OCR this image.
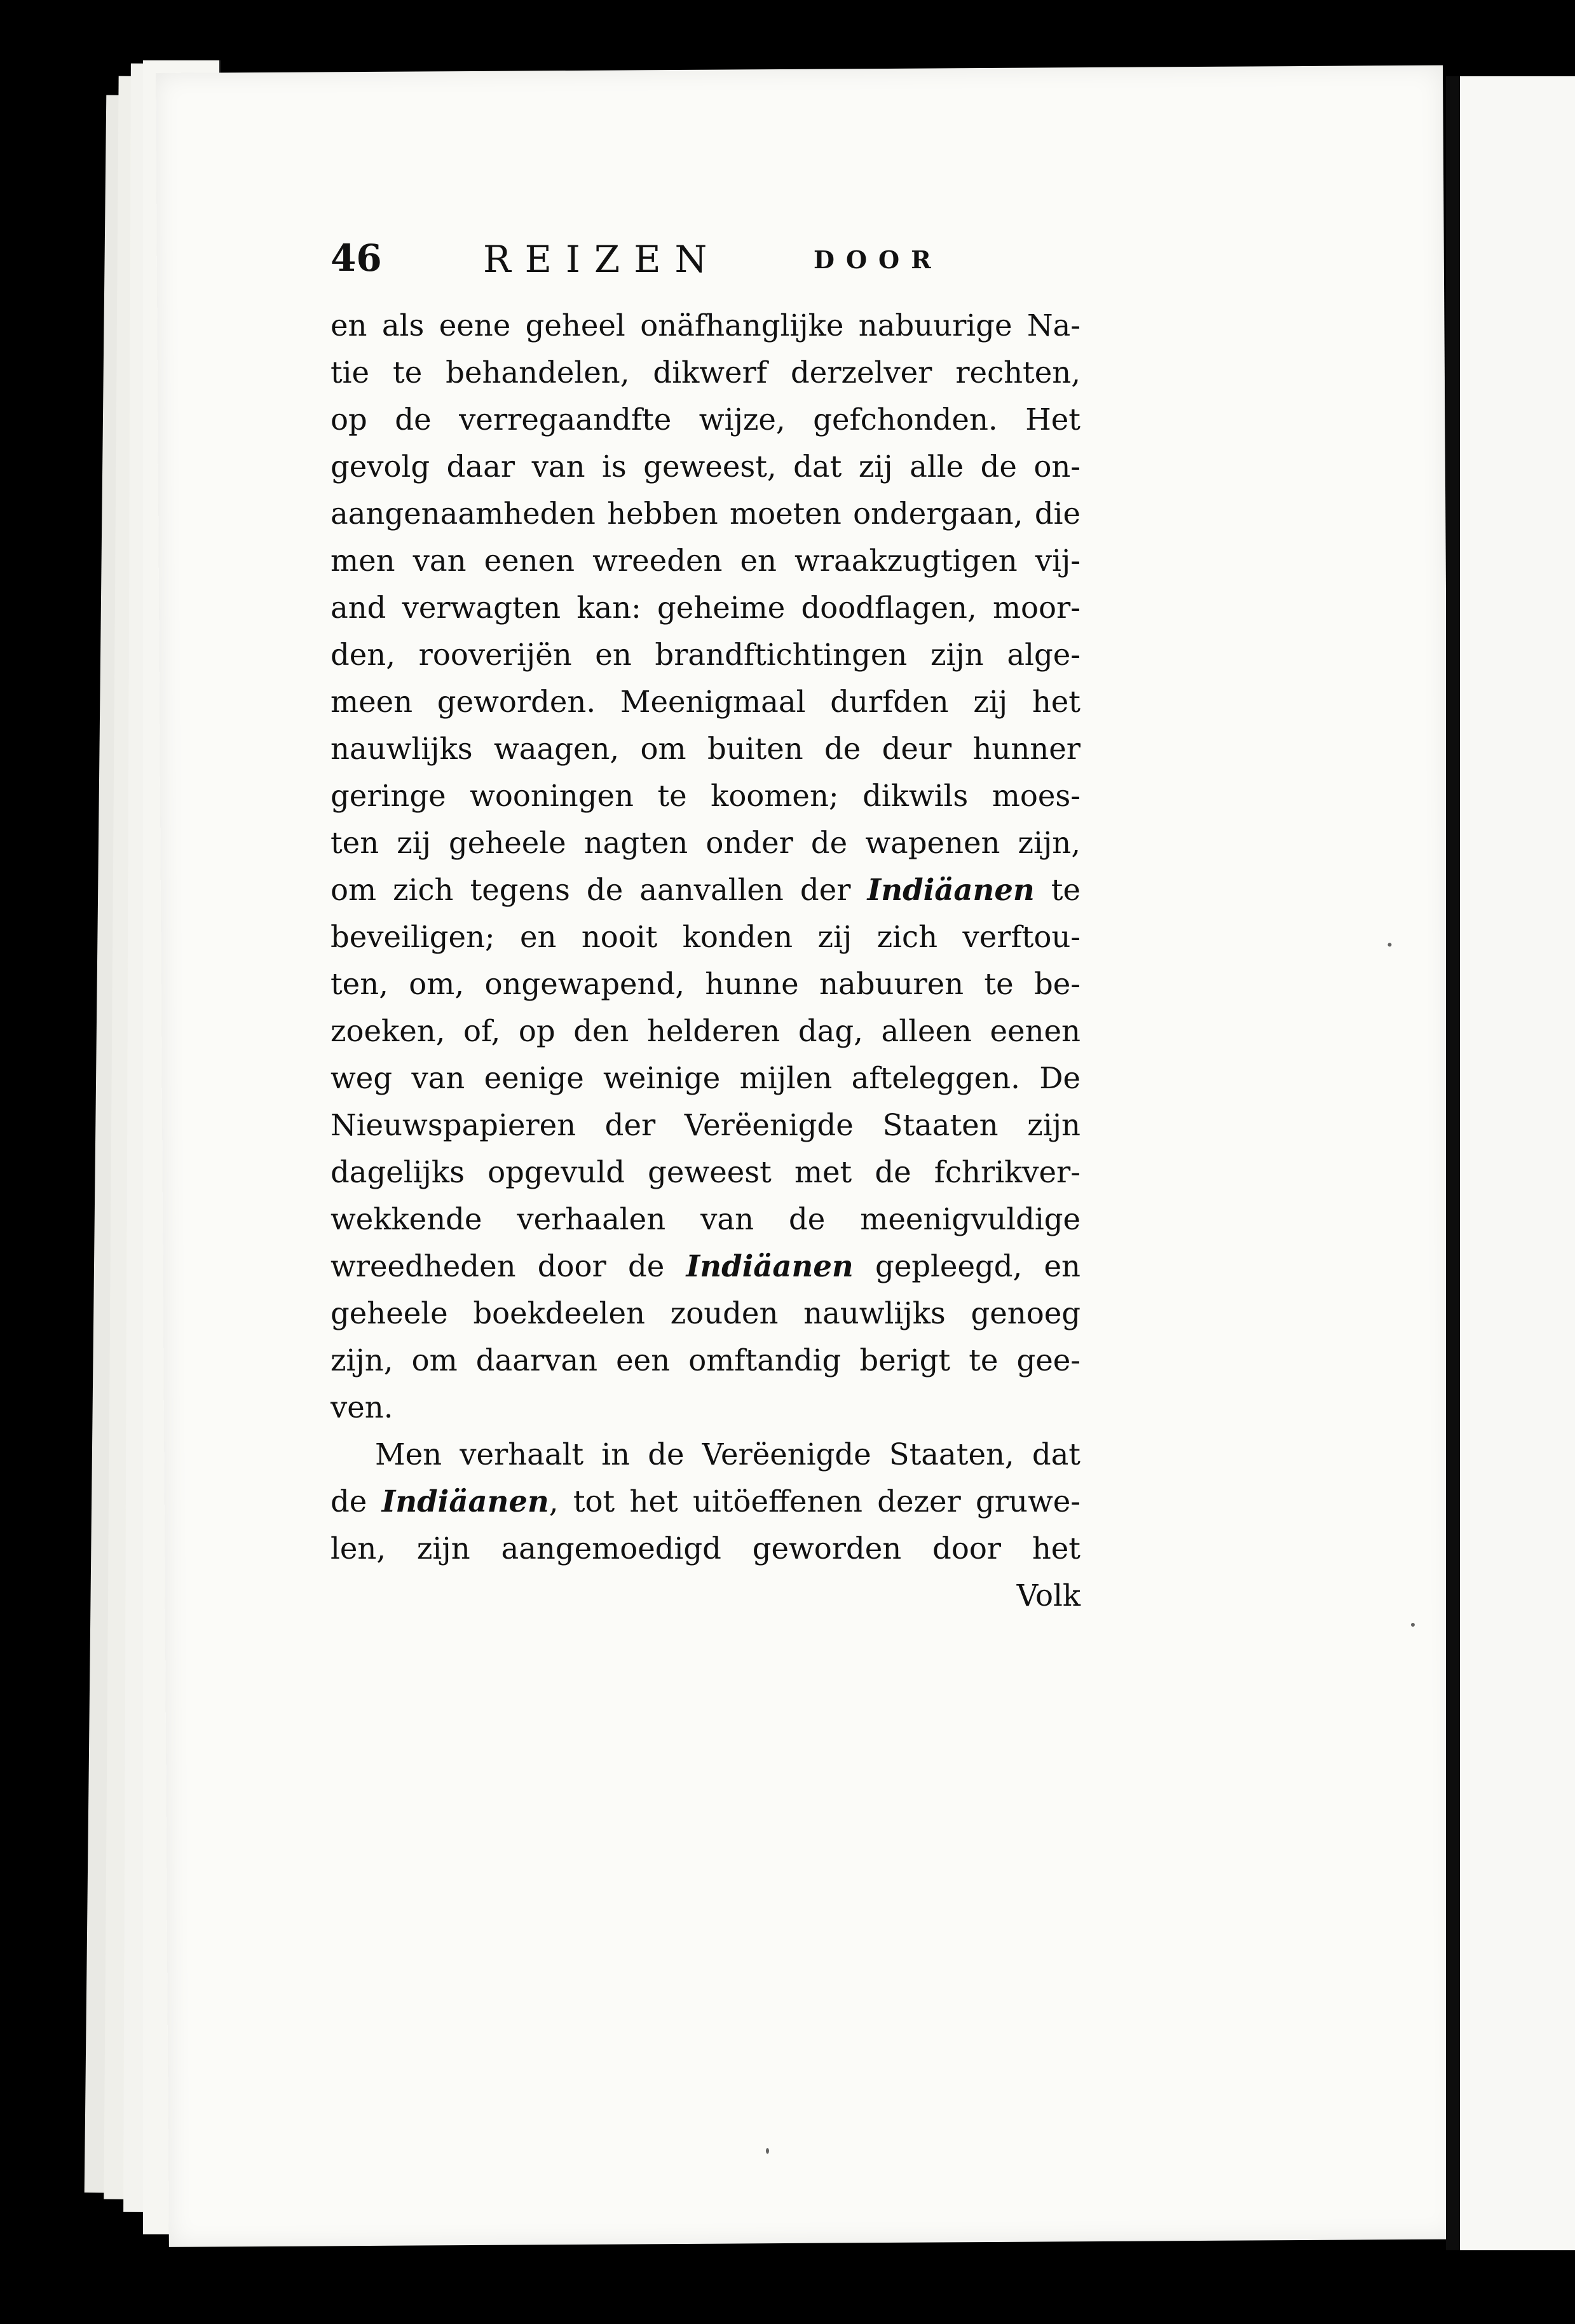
46	REIZEN	DOOR
en als eene geheel onäfhanglijke nabuurige Na-
tie te behandelen, dikwerf derzelver rechten,
op de verregaandfte wijze, gefchonden. Het
gevolg daar van is geweest, dat zij alle de on-
aangenaamheden hebben moeten ondergaan, die
men van eenen wreeden en wraakzugtigen vij-
and verwagten kan: geheime doodflagen, moor-
den, rooverijën en brandftichtingen zijn alge-
meen geworden. Meenigmaal durfden zij het
nauwlijks waagen, om buiten de deur hunner
geringe wooningen te koomen; dikwils moes-
ten zij geheele nagten onder de wapenen zijn,
om zich tegens de aanvallen der Indiäanen te
beveiligen; en nooit konden zij zich verftou-
ten, om, ongewapend, hunne nabuuren te be-
zoeken, of, op den helderen dag, alleen eenen
weg van eenige weinige mijlen afteleggen. De
Nieuwspapieren der Verëenigde Staaten zijn
dagelijks opgevuld geweest met de fchrikver-
wekkende verhaalen van de meenigvuldige
wreedheden door de Indiäanen gepleegd, en
geheele boekdeelen zouden nauwlijks genoeg
zijn, om daarvan een omftandig berigt te gee-
ven.
Men verhaalt in de Verëenigde Staaten, dat
de Indiäanen, tot het uitöeffenen dezer gruwe-
len, zijn aangemoedigd geworden door het
Volk
